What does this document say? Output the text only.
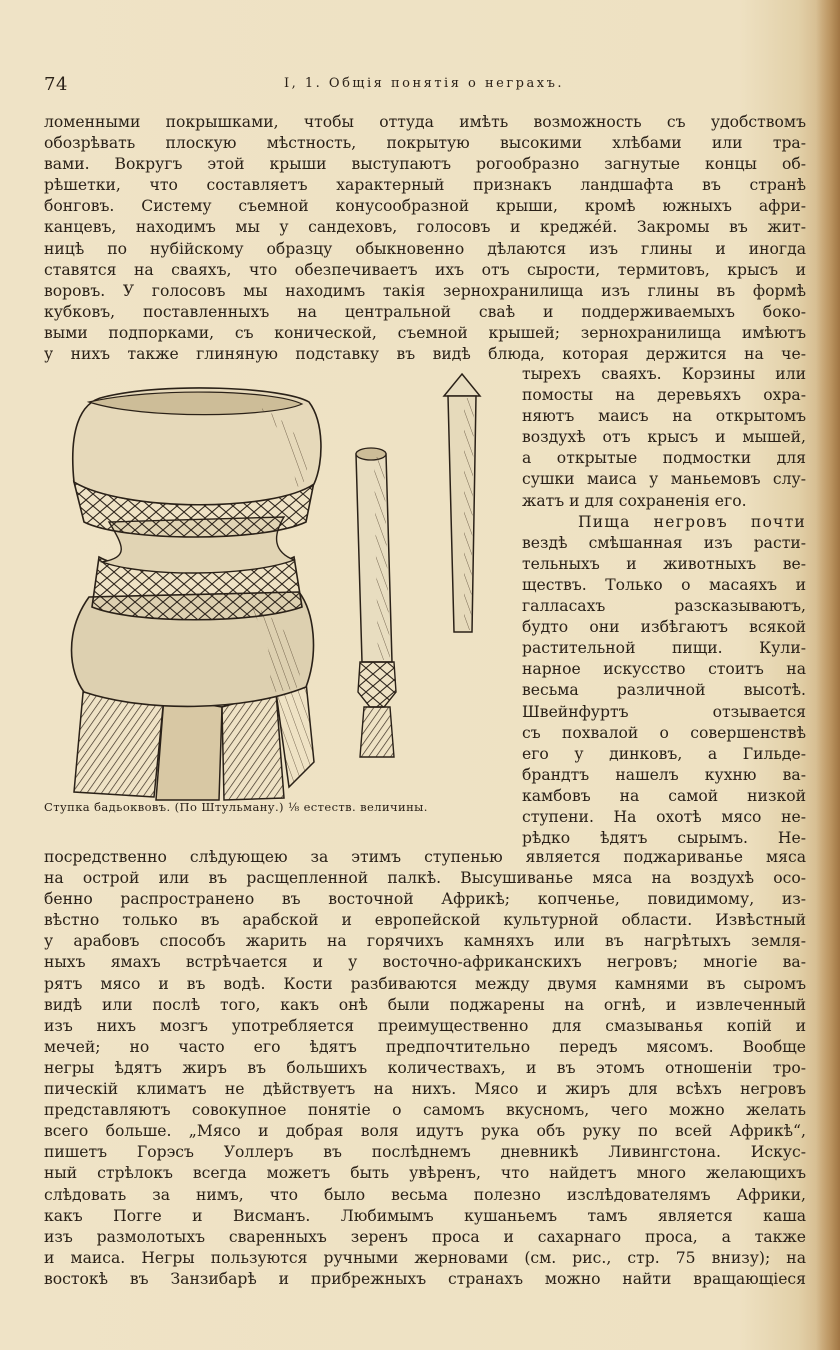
74	I, 1. Общія понятія о неграхъ.
ломенными покрышками, чтобы оттуда имѣть возможность съ удобствомъ
обозрѣвать плоскую мѣстность, покрытую высокими хлѣбами или тра-
вами. Вокругъ этой крыши выступаютъ рогообразно загнутые концы об-
рѣшетки, что составляетъ характерный признакъ ландшафта въ странѣ
бонговъ. Систему съемной конусообразной крыши, кромѣ южныхъ афри-
канцевъ, находимъ мы у сандеховъ, голосовъ и кредже́й. Закромы въ жит-
ницѣ по нубійскому образцу обыкновенно дѣлаются изъ глины и иногда
ставятся на сваяхъ, что обезпечиваетъ ихъ отъ сырости, термитовъ, крысъ и
воровъ. У голосовъ мы находимъ такія зернохранилища изъ глины въ формѣ
кубковъ, поставленныхъ на центральной сваѣ и поддерживаемыхъ боко-
выми подпорками, съ конической, съемной крышей; зернохранилища имѣютъ
у нихъ также глиняную подставку въ видѣ блюда, которая держится на че-
Ступка бадьоквовъ. (По Штульману.) ⅛ естеств. величины.
тырехъ сваяхъ. Корзины или
помосты на деревьяхъ охра-
няютъ маисъ на открытомъ
воздухѣ отъ крысъ и мышей,
а открытые подмостки для
сушки маиса у маньемовъ слу-
жатъ и для сохраненія его.
Пища негровъ почти
вездѣ смѣшанная изъ расти-
тельныхъ и животныхъ ве-
ществъ. Только о масаяхъ и
галласахъ разсказываютъ,
будто они избѣгаютъ всякой
растительной пищи. Кули-
нарное искусство стоитъ на
весьма различной высотѣ.
Швейнфуртъ отзывается
съ похвалой о совершенствѣ
его у динковъ, а Гильде-
брандтъ нашелъ кухню ва-
камбовъ на самой низкой
ступени. На охотѣ мясо не-
рѣдко ѣдятъ сырымъ. Не-
посредственно слѣдующею за этимъ ступенью является поджариванье мяса
на острой или въ расщепленной палкѣ. Высушиванье мяса на воздухѣ осо-
бенно распространено въ восточной Африкѣ; копченье, повидимому, из-
вѣстно только въ арабской и европейской культурной области. Извѣстный
у арабовъ способъ жарить на горячихъ камняхъ или въ нагрѣтыхъ земля-
ныхъ ямахъ встрѣчается и у восточно-африканскихъ негровъ; многіе ва-
рятъ мясо и въ водѣ. Кости разбиваются между двумя камнями въ сыромъ
видѣ или послѣ того, какъ онѣ были поджарены на огнѣ, и извлеченный
изъ нихъ мозгъ употребляется преимущественно для смазыванья копій и
мечей; но часто его ѣдятъ предпочтительно передъ мясомъ. Вообще
негры ѣдятъ жиръ въ большихъ количествахъ, и въ этомъ отношеніи тро-
пическій климатъ не дѣйствуетъ на нихъ. Мясо и жиръ для всѣхъ негровъ
представляютъ совокупное понятіе о самомъ вкусномъ, чего можно желать
всего больше. „Мясо и добрая воля идутъ рука объ руку по всей Африкѣ“,
пишетъ Горэсъ Уоллеръ въ послѣднемъ дневникѣ Ливингстона. Искус-
ный стрѣлокъ всегда можетъ быть увѣренъ, что найдетъ много желающихъ
слѣдовать за нимъ, что было весьма полезно изслѣдователямъ Африки,
какъ Погге и Висманъ. Любимымъ кушаньемъ тамъ является каша
изъ размолотыхъ сваренныхъ зеренъ проса и сахарнаго проса, а также
и маиса. Негры пользуются ручными жерновами (см. рис., стр. 75 внизу); на
востокѣ въ Занзибарѣ и прибрежныхъ странахъ можно найти вращающіеся
